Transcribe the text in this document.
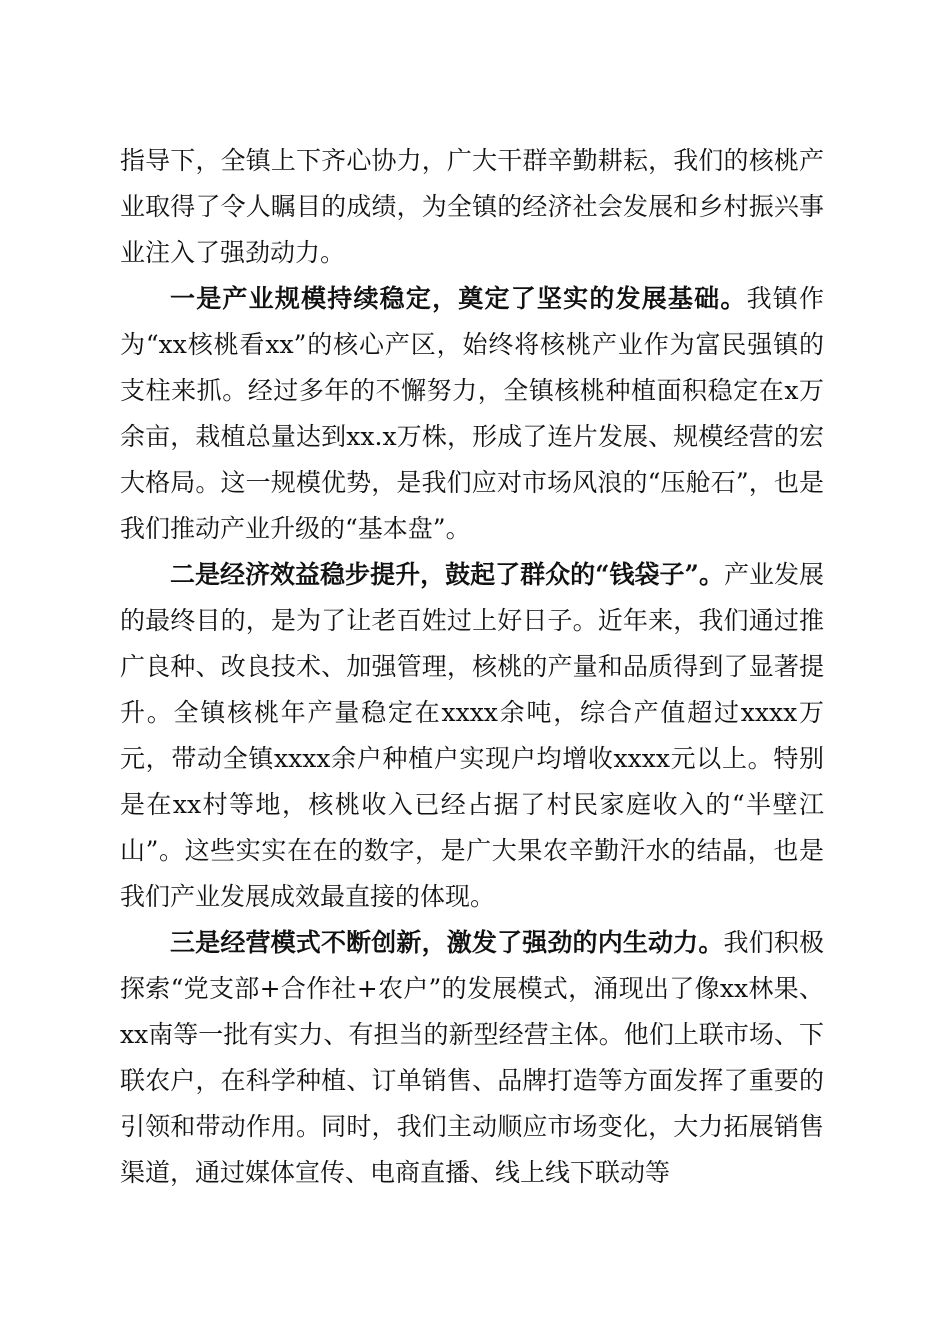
指导下，全镇上下齐心协力，广大干群辛勤耕耘，我们的核桃产业取得了令人瞩目的成绩，为全镇的经济社会发展和乡村振兴事业注入了强劲动力。

一是产业规模持续稳定，奠定了坚实的发展基础。我镇作为“xx核桃看xx”的核心产区，始终将核桃产业作为富民强镇的支柱来抓。经过多年的不懈努力，全镇核桃种植面积稳定在x万余亩，栽植总量达到xx.x万株，形成了连片发展、规模经营的宏大格局。这一规模优势，是我们应对市场风浪的“压舱石”，也是我们推动产业升级的“基本盘”。

二是经济效益稳步提升，鼓起了群众的“钱袋子”。产业发展的最终目的，是为了让老百姓过上好日子。近年来，我们通过推广良种、改良技术、加强管理，核桃的产量和品质得到了显著提升。全镇核桃年产量稳定在xxxx余吨，综合产值超过xxxx万元，带动全镇xxxx余户种植户实现户均增收xxxx元以上。特别是在xx村等地，核桃收入已经占据了村民家庭收入的“半壁江山”。这些实实在在的数字，是广大果农辛勤汗水的结晶，也是我们产业发展成效最直接的体现。

三是经营模式不断创新，激发了强劲的内生动力。我们积极探索“党支部+合作社+农户”的发展模式，涌现出了像xx林果、xx南等一批有实力、有担当的新型经营主体。他们上联市场、下联农户，在科学种植、订单销售、品牌打造等方面发挥了重要的引领和带动作用。同时，我们主动顺应市场变化，大力拓展销售渠道，通过媒体宣传、电商直播、线上线下联动等
